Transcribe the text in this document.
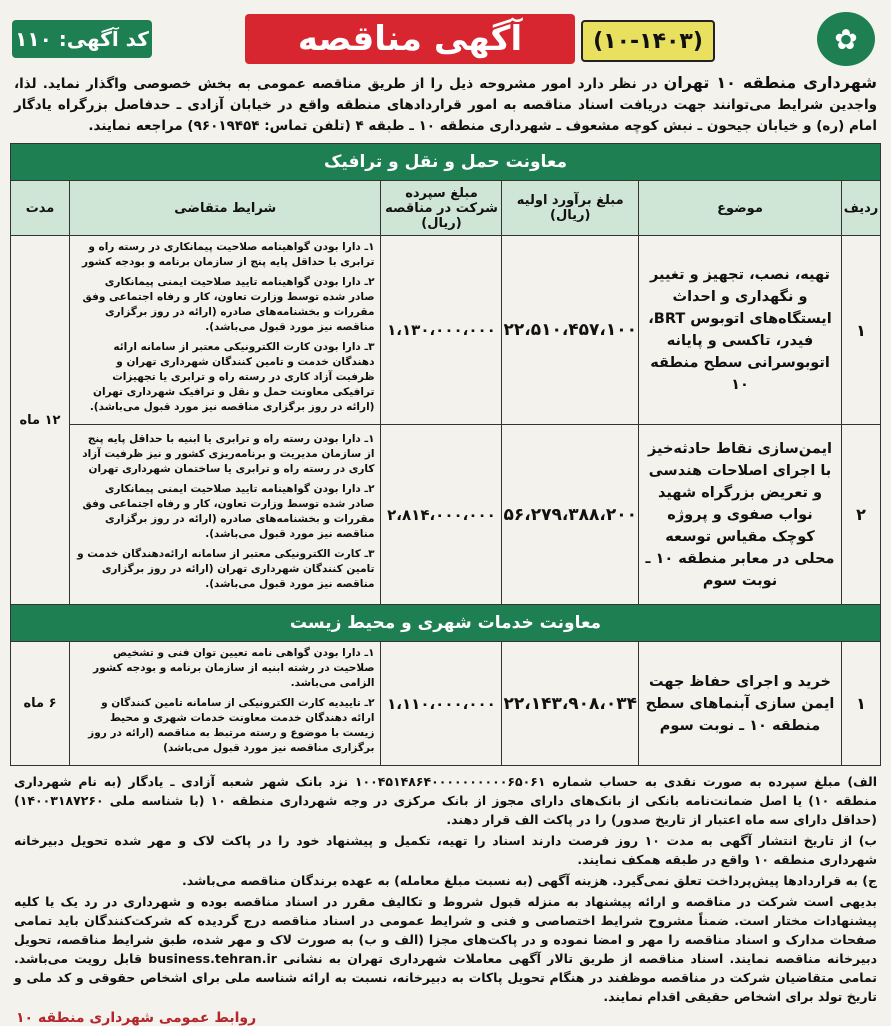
✿
آگهی مناقصه	(۱۰-۱۴۰۳)
کد آگهی: ۱۱۰
شهرداری منطقه ۱۰ تهران در نظر دارد امور مشروحه ذیل را از طریق مناقصه عمومی به بخش خصوصی واگذار نماید. لذا، واجدین شرایط می‌توانند جهت دریافت اسناد مناقصه به امور قراردادهای منطقه واقع در خیابان آزادی ـ حدفاصل بزرگراه یادگار امام (ره) و خیابان جیحون ـ نبش کوچه مشعوف ـ شهرداری منطقه ۱۰ ـ طبقه ۴ (تلفن تماس: ۹۶۰۱۹۴۵۴) مراجعه نمایند.
معاونت حمل و نقل و ترافیک					
ردیف	موضوع	مبلغ برآورد اولیه (ریال)	مبلغ سپرده شرکت در مناقصه (ریال)	شرایط متقاضی	مدت
۱	تهیه، نصب، تجهیز و تغییر و نگهداری و احداث ایستگاه‌های اتوبوس BRT، فیدر، تاکسی و پایانه اتوبوسرانی سطح منطقه ۱۰	۲۲،۵۱۰،۴۵۷،۱۰۰	۱،۱۳۰،۰۰۰،۰۰۰	۱ـ دارا بودن گواهینامه صلاحیت پیمانکاری در رسته راه و ترابری با حداقل پایه پنج از سازمان برنامه و بودجه کشور

۲ـ دارا بودن گواهینامه تایید صلاحیت ایمنی پیمانکاری صادر شده توسط وزارت تعاون، کار و رفاه اجتماعی وفق مقررات و بخشنامه‌های صادره (ارائه در روز برگزاری مناقصه نیز مورد قبول می‌باشد).

۳ـ دارا بودن کارت الکترونیکی معتبر از سامانه ارائه دهندگان خدمت و تامین کنندگان شهرداری تهران و ظرفیت آزاد کاری در رسته راه و ترابری یا تجهیزات ترافیکی معاونت حمل و نقل و ترافیک شهرداری تهران (ارائه در روز برگزاری مناقصه نیز مورد قبول می‌باشد).	۱۲ ماه
۲	ایمن‌سازی نقاط حادثه‌خیز با اجرای اصلاحات هندسی و تعریض بزرگراه شهید نواب صفوی و پروژه کوچک مقیاس توسعه محلی در معابر منطقه ۱۰ ـ نوبت سوم	۵۶،۲۷۹،۳۸۸،۲۰۰	۲،۸۱۴،۰۰۰،۰۰۰	۱ـ دارا بودن رسته راه و ترابری یا ابنیه با حداقل پایه پنج از سازمان مدیریت و برنامه‌ریزی کشور و نیز ظرفیت آزاد کاری در رسته راه و ترابری یا ساختمان شهرداری تهران

۲ـ دارا بودن گواهینامه تایید صلاحیت ایمنی پیمانکاری صادر شده توسط وزارت تعاون، کار و رفاه اجتماعی وفق مقررات و بخشنامه‌های صادره (ارائه در روز برگزاری مناقصه نیز مورد قبول می‌باشد).

۳ـ کارت الکترونیکی معتبر از سامانه ارائه‌دهندگان خدمت و تامین کنندگان شهرداری تهران (ارائه در روز برگزاری مناقصه نیز مورد قبول می‌باشد).	

معاونت خدمات شهری و محیط زیست					
۱	خرید و اجرای حفاظ جهت ایمن سازی آبنماهای سطح منطقه ۱۰ ـ نوبت سوم	۲۲،۱۴۳،۹۰۸،۰۳۴	۱،۱۱۰،۰۰۰،۰۰۰	۱ـ دارا بودن گواهی نامه تعیین توان فنی و تشخیص صلاحیت در رشته ابنیه از سازمان برنامه و بودجه کشور الزامی می‌باشد.

۲ـ تاییدیه کارت الکترونیکی از سامانه تامین کنندگان و ارائه دهندگان خدمت معاونت خدمات شهری و محیط زیست با موضوع و رسته مرتبط به مناقصه (ارائه در روز برگزاری مناقصه نیز مورد قبول می‌باشد)	۶ ماه

الف) مبلغ سپرده به صورت نقدی به حساب شماره ۱۰۰۴۵۱۴۸۶۴۰۰۰۰۰۰۰۰۰۰۶۵۰۶۱ نزد بانک شهر شعبه آزادی ـ یادگار (به نام شهرداری منطقه ۱۰) یا اصل ضمانت‌نامه بانکی از بانک‌های دارای مجوز از بانک مرکزی در وجه شهرداری منطقه ۱۰ (با شناسه ملی ۱۴۰۰۳۱۸۷۲۶۰) (حداقل دارای سه ماه اعتبار از تاریخ صدور) را در پاکت الف قرار دهند.

ب) از تاریخ انتشار آگهی به مدت ۱۰ روز فرصت دارند اسناد را تهیه، تکمیل و پیشنهاد خود را در پاکت لاک و مهر شده تحویل دبیرخانه شهرداری منطقه ۱۰ واقع در طبقه همکف نمایند.

ج) به قراردادها پیش‌پرداخت تعلق نمی‌گیرد. هزینه آگهی (به نسبت مبلغ معامله) به عهده برندگان مناقصه می‌باشد.

بدیهی است شرکت در مناقصه و ارائه پیشنهاد به منزله قبول شروط و تکالیف مقرر در اسناد مناقصه بوده و شهرداری در رد یک یا کلیه پیشنهادات مختار است. ضمناً مشروح شرایط اختصاصی و فنی و شرایط عمومی در اسناد مناقصه درج گردیده که شرکت‌کنندگان باید تمامی صفحات مدارک و اسناد مناقصه را مهر و امضا نموده و در پاکت‌های مجزا (الف و ب) به صورت لاک و مهر شده، طبق شرایط مناقصه، تحویل دبیرخانه مناقصه نمایند. اسناد مناقصه از طریق تالار آگهی معاملات شهرداری تهران به نشانی business.tehran.ir قابل رویت می‌باشد. تمامی متقاضیان شرکت در مناقصه موظفند در هنگام تحویل پاکات به دبیرخانه، نسبت به ارائه شناسه ملی برای اشخاص حقوقی و کد ملی و تاریخ تولد برای اشخاص حقیقی اقدام نمایند.

روابط عمومی شهرداری منطقه ۱۰
